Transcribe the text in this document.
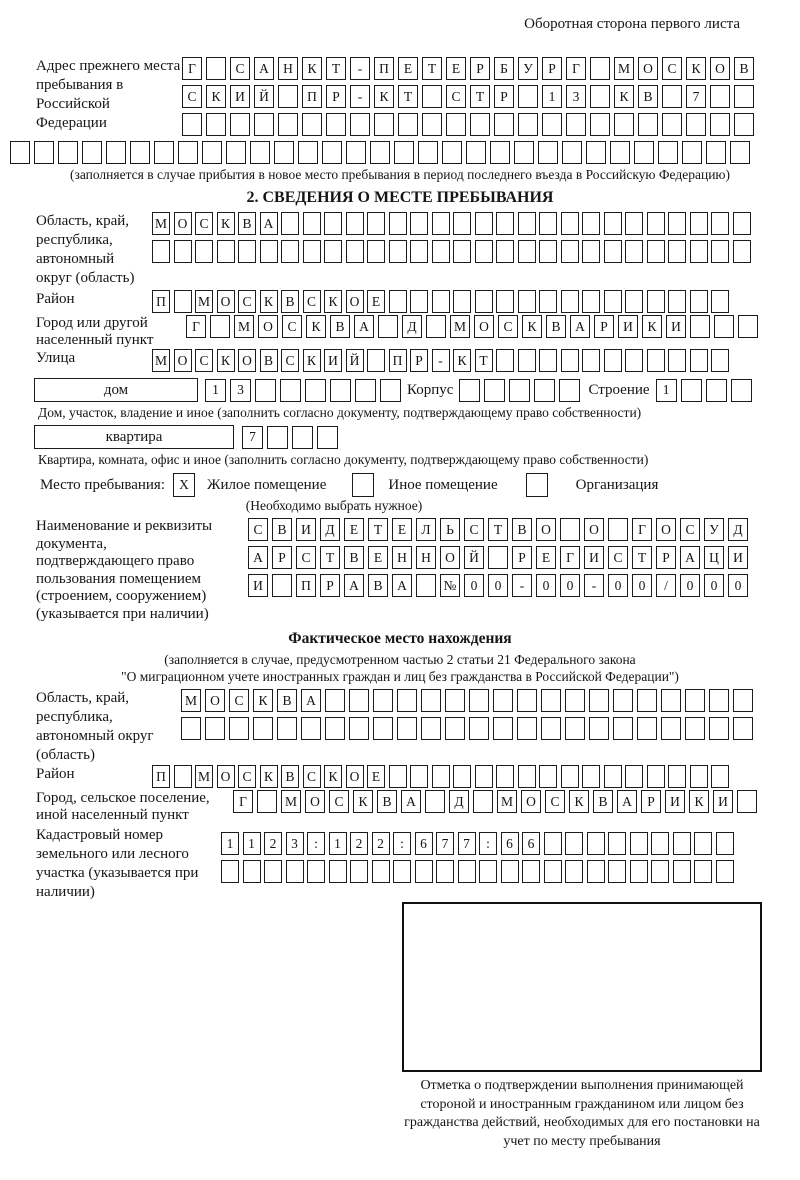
Оборотная сторона первого листа
Адрес прежнего места пребывания в Российской Федерации
Г	С	А	Н	К	Т	-	П	Е	Т	Е	Р	Б	У	Р	Г	М О	С	К	О	В
С	К	И	Й	П	Р	-	К	Т	С	Т	Р	1	3	К	В	7
(заполняется в случае прибытия в новое место пребывания в период последнего въезда в Российскую Федерацию)
2. СВЕДЕНИЯ О МЕСТЕ ПРЕБЫВАНИЯ
Область, край, республика, автономный округ (область)
М О С К В А
Район	П	М О С К В С К О Е
Город или другой населенный пункт
Г	М О	С	К	В	А	Д	М О	С	К	В	А	Р	И	К	И
Улица	М О С К О В С К И Й	П Р	-	К Т
дом	1	3	Корпус	Строение 1
Дом, участок, владение и иное (заполнить согласно документу, подтверждающему право собственности)
квартира	7
Квартира, комната, офис и иное (заполнить согласно документу, подтверждающему право собственности)
Место пребывания:	X	Жилое помещение	Иное помещение	Организация
(Необходимо выбрать нужное)
Наименование и реквизиты документа, подтверждающего право пользования помещением (строением, сооружением) (указывается при наличии)
С	В	И	Д	Е	Т	Е	Л	Ь	С	Т	В	О	О	Г	О	С	У	Д
А	Р	С	Т	В	Е	Н	Н	О	Й	Р	Е	Г	И	С	Т	Р	А	Ц	И
И	П	Р	А	В	А	№	0	0	-	0	0	-	0	0	/	0	0	0
Фактическое место нахождения
(заполняется в случае, предусмотренном частью 2 статьи 21 Федерального закона
"О миграционном учете иностранных граждан и лиц без гражданства в Российской Федерации")
Область, край, республика, автономный округ (область)
М О	С	К	В	А
Район	П	М О С К В С К О Е
Город, сельское поселение, иной населенный пункт
Г	М О	С	К	В	А	Д	М О	С	К	В	А	Р	И	К	И
Кадастровый номер земельного или лесного участка (указывается при наличии)
1	1	2	3	:	1	2	2	:	6	7	7	:	6	6
Отметка о подтверждении выполнения принимающей стороной и иностранным гражданином или лицом без гражданства действий, необходимых для его постановки на учет по месту пребывания
